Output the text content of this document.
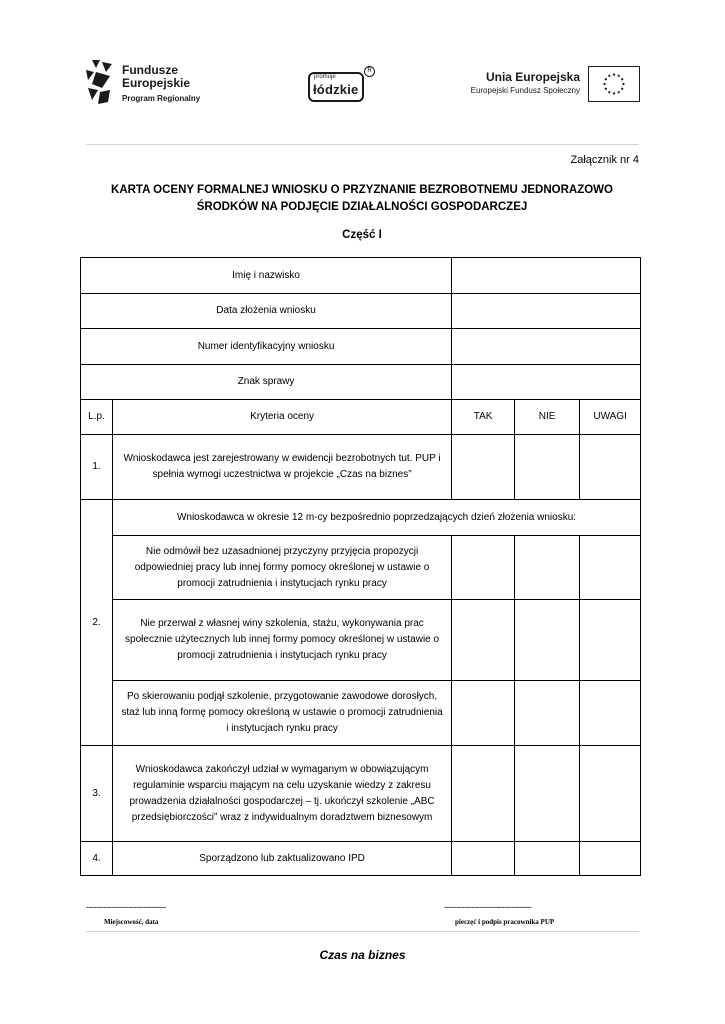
Fundusze
Europejskie
Program Regionalny
promuje
łódzkie
R	Unia Europejska
Europejski Fundusz Społeczny
Załącznik nr 4
KARTA OCENY FORMALNEJ WNIOSKU O PRZYZNANIE BEZROBOTNEMU JEDNORAZOWO
ŚRODKÓW NA PODJĘCIE DZIAŁALNOŚCI GOSPODARCZEJ
Część I
Imię i nazwisko				
Data złożenia wniosku				
Numer identyfikacyjny wniosku				
Znak sprawy				
L.p.	Kryteria oceny	TAK	NIE	UWAGI
1.	Wnioskodawca jest zarejestrowany w ewidencji bezrobotnych tut. PUP i spełnia wymogi uczestnictwa w projekcie „Czas na biznes”			
2.	Wnioskodawca w okresie 12 m-cy bezpośrednio poprzedzających dzień złożenia wniosku:			
	Nie odmówił bez uzasadnionej przyczyny przyjęcia propozycji odpowiedniej pracy lub innej formy pomocy określonej w ustawie o promocji zatrudnienia i instytucjach rynku pracy			
	Nie przerwał z własnej winy szkolenia, stażu, wykonywania prac społecznie użytecznych lub innej formy pomocy określonej w ustawie o promocji zatrudnienia i instytucjach rynku pracy			
	Po skierowaniu podjął szkolenie, przygotowanie zawodowe dorosłych, staż lub inną formę pomocy określoną w ustawie o promocji zatrudnienia i instytucjach rynku pracy			
3.	Wnioskodawca zakończył udział w wymaganym w obowiązującym regulaminie wsparciu mającym na celu uzyskanie wiedzy z zakresu prowadzenia działalności gospodarczej – tj. ukończył szkolenie „ABC przedsiębiorczości” wraz z indywidualnym doradztwem biznesowym			
4.	Sporządzono lub zaktualizowano IPD			
--------------------------------	-----------------------------------
Miejscowość, data	pieczęć i podpis pracownika PUP
Czas na biznes
